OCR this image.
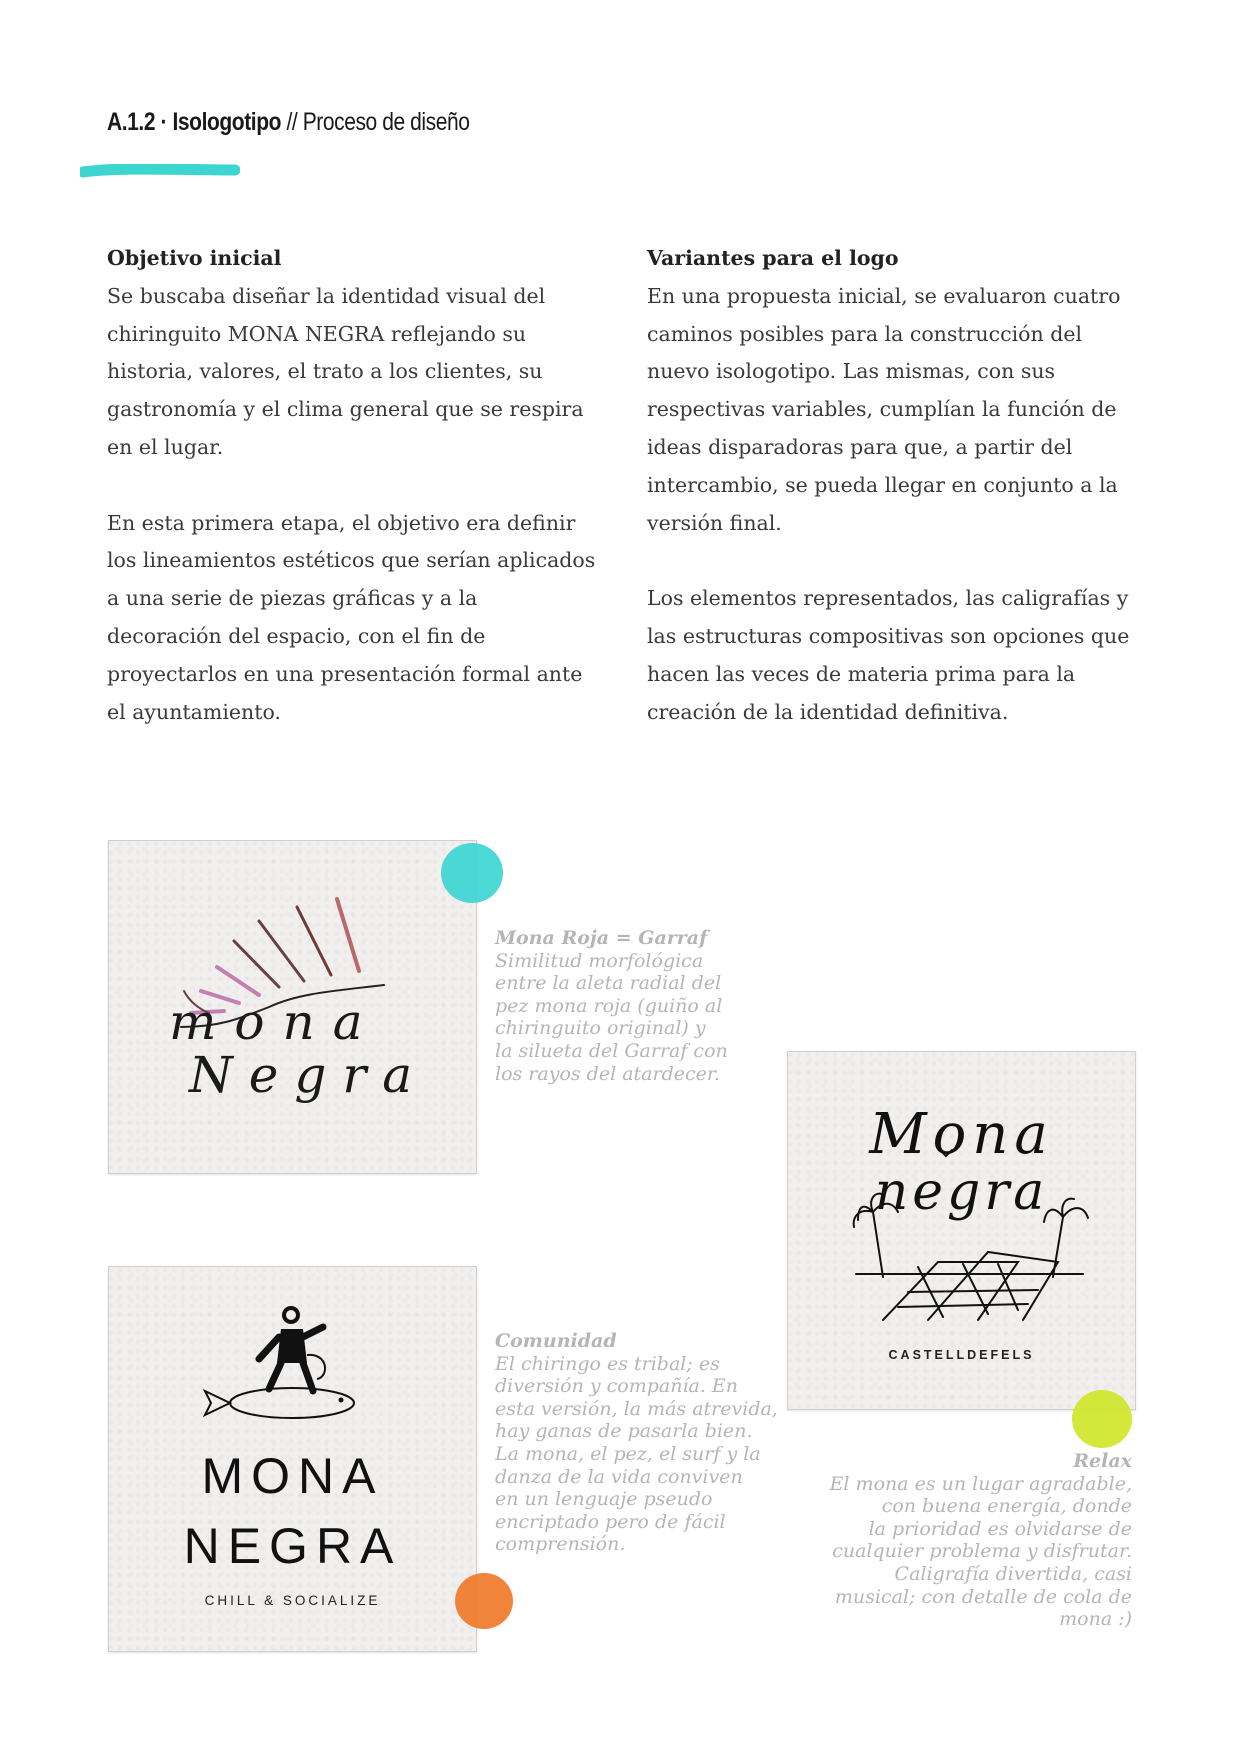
A.1.2 · Isologotipo // Proceso de diseño
Objetivo inicial

Se buscaba diseñar la identidad visual del chiringuito MONA NEGRA reflejando su historia, valores, el trato a los clientes, su gastronomía y el clima general que se respira en el lugar.

En esta primera etapa, el objetivo era definir los lineamientos estéticos que serían aplicados a una serie de piezas gráficas y a la decoración del espacio, con el fin de proyectarlos en una presentación formal ante el ayuntamiento.

Variantes para el logo

En una propuesta inicial, se evaluaron cuatro caminos posibles para la construcción del nuevo isologotipo. Las mismas, con sus respectivas variables, cumplían la función de ideas disparadoras para que, a partir del intercambio, se pueda llegar en conjunto a la versión final.

Los elementos representados, las caligrafías y las estructuras compositivas son opciones que hacen las veces de materia prima para la creación de la identidad definitiva.

mona
Negra
Mona Roja = Garraf
Similitud morfológica
entre la aleta radial del
pez mona roja (guiño al
chiringuito original) y
la silueta del Garraf con
los rayos del atardecer.
Mona
negra
CASTELLDEFELS
Relax
El mona es un lugar agradable,
con buena energía, donde
la prioridad es olvidarse de
cualquier problema y disfrutar.
Caligrafía divertida, casi
musical; con detalle de cola de
mona :)
MONA
NEGRA
CHILL & SOCIALIZE
Comunidad
El chiringo es tribal; es
diversión y compañía. En
esta versión, la más atrevida,
hay ganas de pasarla bien.
La mona, el pez, el surf y la
danza de la vida conviven
en un lenguaje pseudo
encriptado pero de fácil
comprensión.
